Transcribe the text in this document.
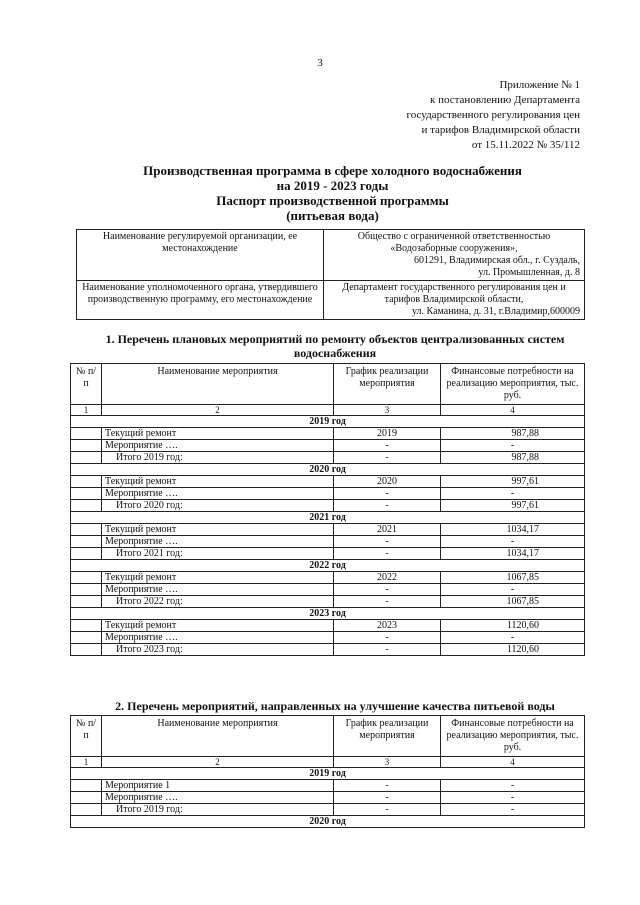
3
Приложение № 1
к постановлению Департамента
государственного регулирования цен
и тарифов Владимирской области
от 15.11.2022 № 35/112
Производственная программа в сфере холодного водоснабжения
на 2019 - 2023 годы
Паспорт производственной программы
(питьевая вода)
Наименование регулируемой организации, ее местонахождение	Общество с ограниченной ответственностью
«Водозаборные сооружения»,
601291, Владимирская обл., г. Суздаль,
ул. Промышленная, д. 8

Наименование уполномоченного органа, утвердившего производственную программу, его местонахождение	Департамент государственного регулирования цен и
тарифов Владимирской области,
ул. Каманина, д. 31, г.Владимир,600009
1. Перечень плановых мероприятий по ремонту объектов централизованных систем водоснабжения
№ п/п	Наименование мероприятия	График реализации мероприятия	Финансовые потребности на реализацию мероприятия, тыс. руб.
1	2	3	4
2019 год			
	Текущий ремонт	2019	987,88
	Мероприятие ….	-	-
	Итого 2019 год:	-	987,88
2020 год			
	Текущий ремонт	2020	997,61
	Мероприятие ….	-	-
	Итого 2020 год:	-	997,61
2021 год			
	Текущий ремонт	2021	1034,17
	Мероприятие ….	-	-
	Итого 2021 год:	-	1034,17
2022 год			
	Текущий ремонт	2022	1067,85
	Мероприятие ….	-	-
	Итого 2022 год:	-	1067,85
2023 год			
	Текущий ремонт	2023	1120,60
	Мероприятие ….	-	-
	Итого 2023 год:	-	1120,60
2. Перечень мероприятий, направленных на улучшение качества питьевой воды
№ п/п	Наименование мероприятия	График реализации мероприятия	Финансовые потребности на реализацию мероприятия, тыс. руб.
1	2	3	4
2019 год			
	Мероприятие 1	-	-
	Мероприятие ….	-	-
	Итого 2019 год:	-	-
2020 год			
